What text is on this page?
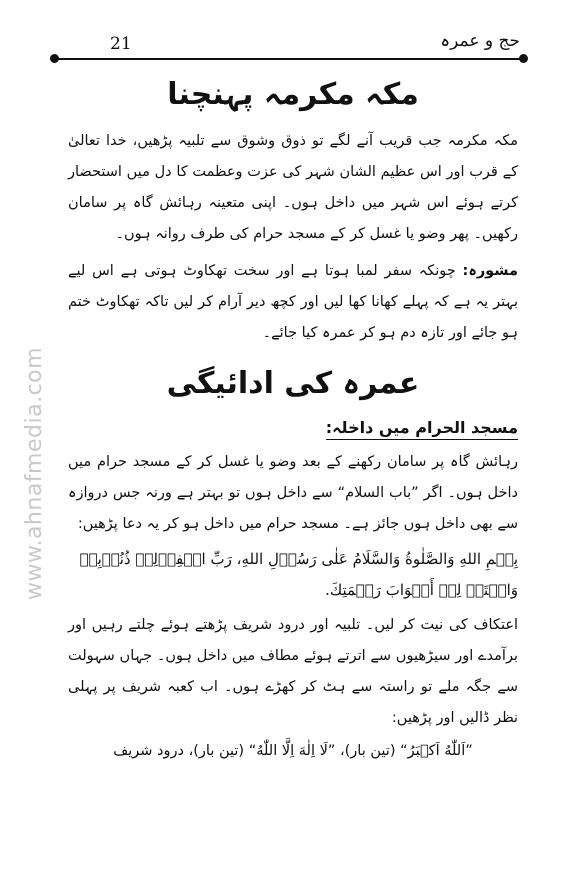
21	حج و عمرہ
www.ahnafmedia.com
مکہ مکرمہ پہنچنا

مکہ مکرمہ جب قریب آنے لگے تو ذوق وشوق سے تلبیہ پڑھیں، خدا تعالیٰ کے قرب اور اس عظیم الشان شہر کی عزت وعظمت کا دل میں استحضار کرتے ہوئے اس شہر میں داخل ہوں۔ اپنی متعینہ رہائش گاہ پر سامان رکھیں۔ پھر وضو یا غسل کر کے مسجد حرام کی طرف روانہ ہوں۔

مشورہ: چونکہ سفر لمبا ہوتا ہے اور سخت تھکاوٹ ہوتی ہے اس لیے بہتر یہ ہے کہ پہلے کھانا کھا لیں اور کچھ دیر آرام کر لیں تاکہ تھکاوٹ ختم ہو جائے اور تازہ دم ہو کر عمرہ کیا جائے۔

عمرہ کی ادائیگی

مسجد الحرام میں داخلہ:

رہائش گاہ پر سامان رکھنے کے بعد وضو یا غسل کر کے مسجد حرام میں داخل ہوں۔ اگر ”باب السلام“ سے داخل ہوں تو بہتر ہے ورنہ جس دروازہ سے بھی داخل ہوں جائز ہے۔ مسجد حرام میں داخل ہو کر یہ دعا پڑھیں:

بِسۡمِ اللهِ وَالصَّلٰوةُ وَالسَّلَامُ عَلٰى رَسُوۡلِ اللهِ، رَبِّ اغۡفِرۡلِيۡ ذُنُوۡبِيۡ وَافۡتَحۡ لِيۡ أَبۡوَابَ رَحۡمَتِكَ.

اعتکاف کی نیت کر لیں۔ تلبیہ اور درود شریف پڑھتے ہوئے چلتے رہیں اور برآمدے اور سیڑھیوں سے اترتے ہوئے مطاف میں داخل ہوں۔ جہاں سہولت سے جگہ ملے تو راستہ سے ہٹ کر کھڑے ہوں۔ اب کعبہ شریف پر پہلی نظر ڈالیں اور پڑھیں:

”اَللّٰهُ اَكۡبَرُ“ (تین بار)، ”لَا اِلٰهَ اِلَّا اللّٰهُ“ (تین بار)، درود شریف
